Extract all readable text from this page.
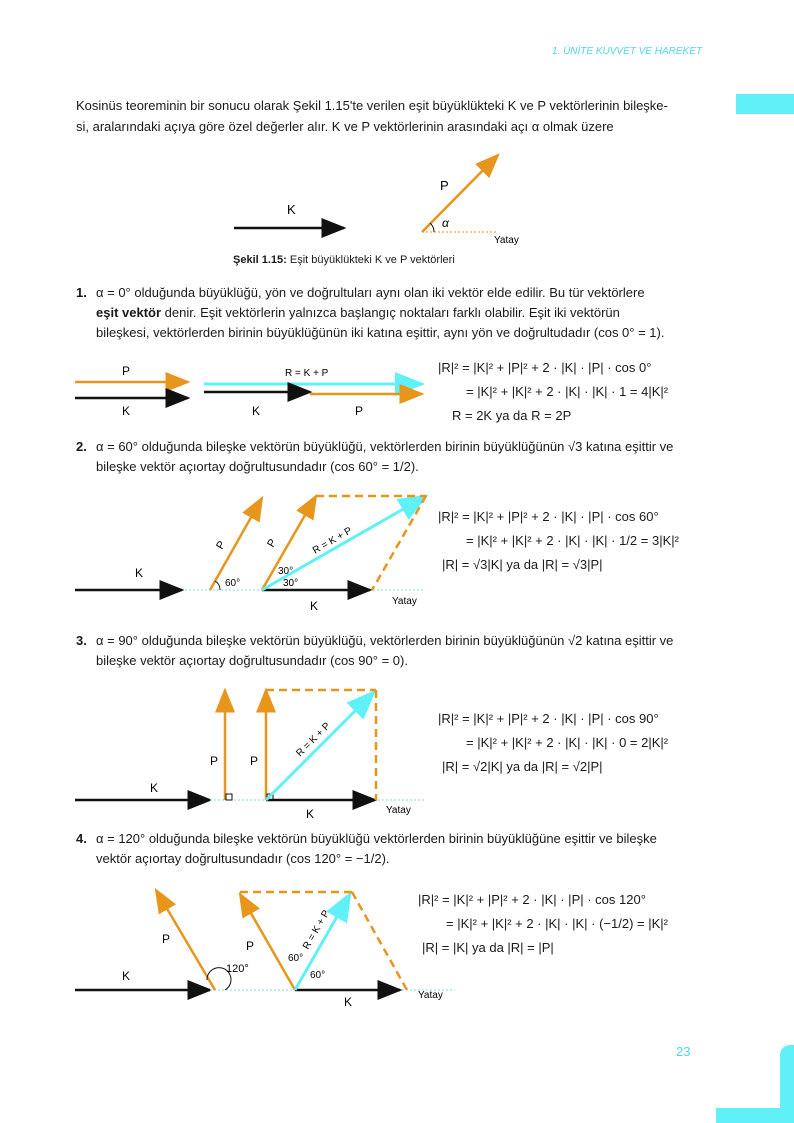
1. ÜNİTE KUVVET VE HAREKET
Kosinüs teoreminin bir sonucu olarak Şekil 1.15'te verilen eşit büyüklükteki K ve P vektörlerinin bileşke-
si, aralarındaki açıya göre özel değerler alır. K ve P vektörlerinin arasındaki açı α olmak üzere
K
P
α
Yatay
Şekil 1.15: Eşit büyüklükteki K ve P vektörleri
1. α = 0° olduğunda büyüklüğü, yön ve doğrultuları aynı olan iki vektör elde edilir. Bu tür vektörlere
eşit vektör denir. Eşit vektörlerin yalnızca başlangıç noktaları farklı olabilir. Eşit iki vektörün
bileşkesi, vektörlerden birinin büyüklüğünün iki katına eşittir, aynı yön ve doğrultudadır (cos 0° = 1).
P
K
R = K + P
K	P
|R|² = |K|² + |P|² + 2 · |K| · |P| · cos 0°
= |K|² + |K|² + 2 · |K| · |K| · 1 = 4|K|²
R = 2K ya da R = 2P
2. α = 60° olduğunda bileşke vektörün büyüklüğü, vektörlerden birinin büyüklüğünün √3 katına eşittir ve
bileşke vektör açıortay doğrultusundadır (cos 60° = 1/2).
K
P
60°
P	R = K + P
30°
30°
K	Yatay
|R|² = |K|² + |P|² + 2 · |K| · |P| · cos 60°
= |K|² + |K|² + 2 · |K| · |K| · 1/2 = 3|K|²
|R| = √3|K| ya da |R| = √3|P|
3. α = 90° olduğunda bileşke vektörün büyüklüğü, vektörlerden birinin büyüklüğünün √2 katına eşittir ve
bileşke vektör açıortay doğrultusundadır (cos 90° = 0).
K
P	P
R = K + P
K	Yatay
|R|² = |K|² + |P|² + 2 · |K| · |P| · cos 90°
= |K|² + |K|² + 2 · |K| · |K| · 0 = 2|K|²
|R| = √2|K| ya da |R| = √2|P|
4. α = 120° olduğunda bileşke vektörün büyüklüğü vektörlerden birinin büyüklüğüne eşittir ve bileşke
vektör açıortay doğrultusundadır (cos 120° = −1/2).
K
P
120°
P	R = K + P
60°
60°
K	Yatay
|R|² = |K|² + |P|² + 2 · |K| · |P| · cos 120°
= |K|² + |K|² + 2 · |K| · |K| · (−1/2) = |K|²
|R| = |K| ya da |R| = |P|
23
